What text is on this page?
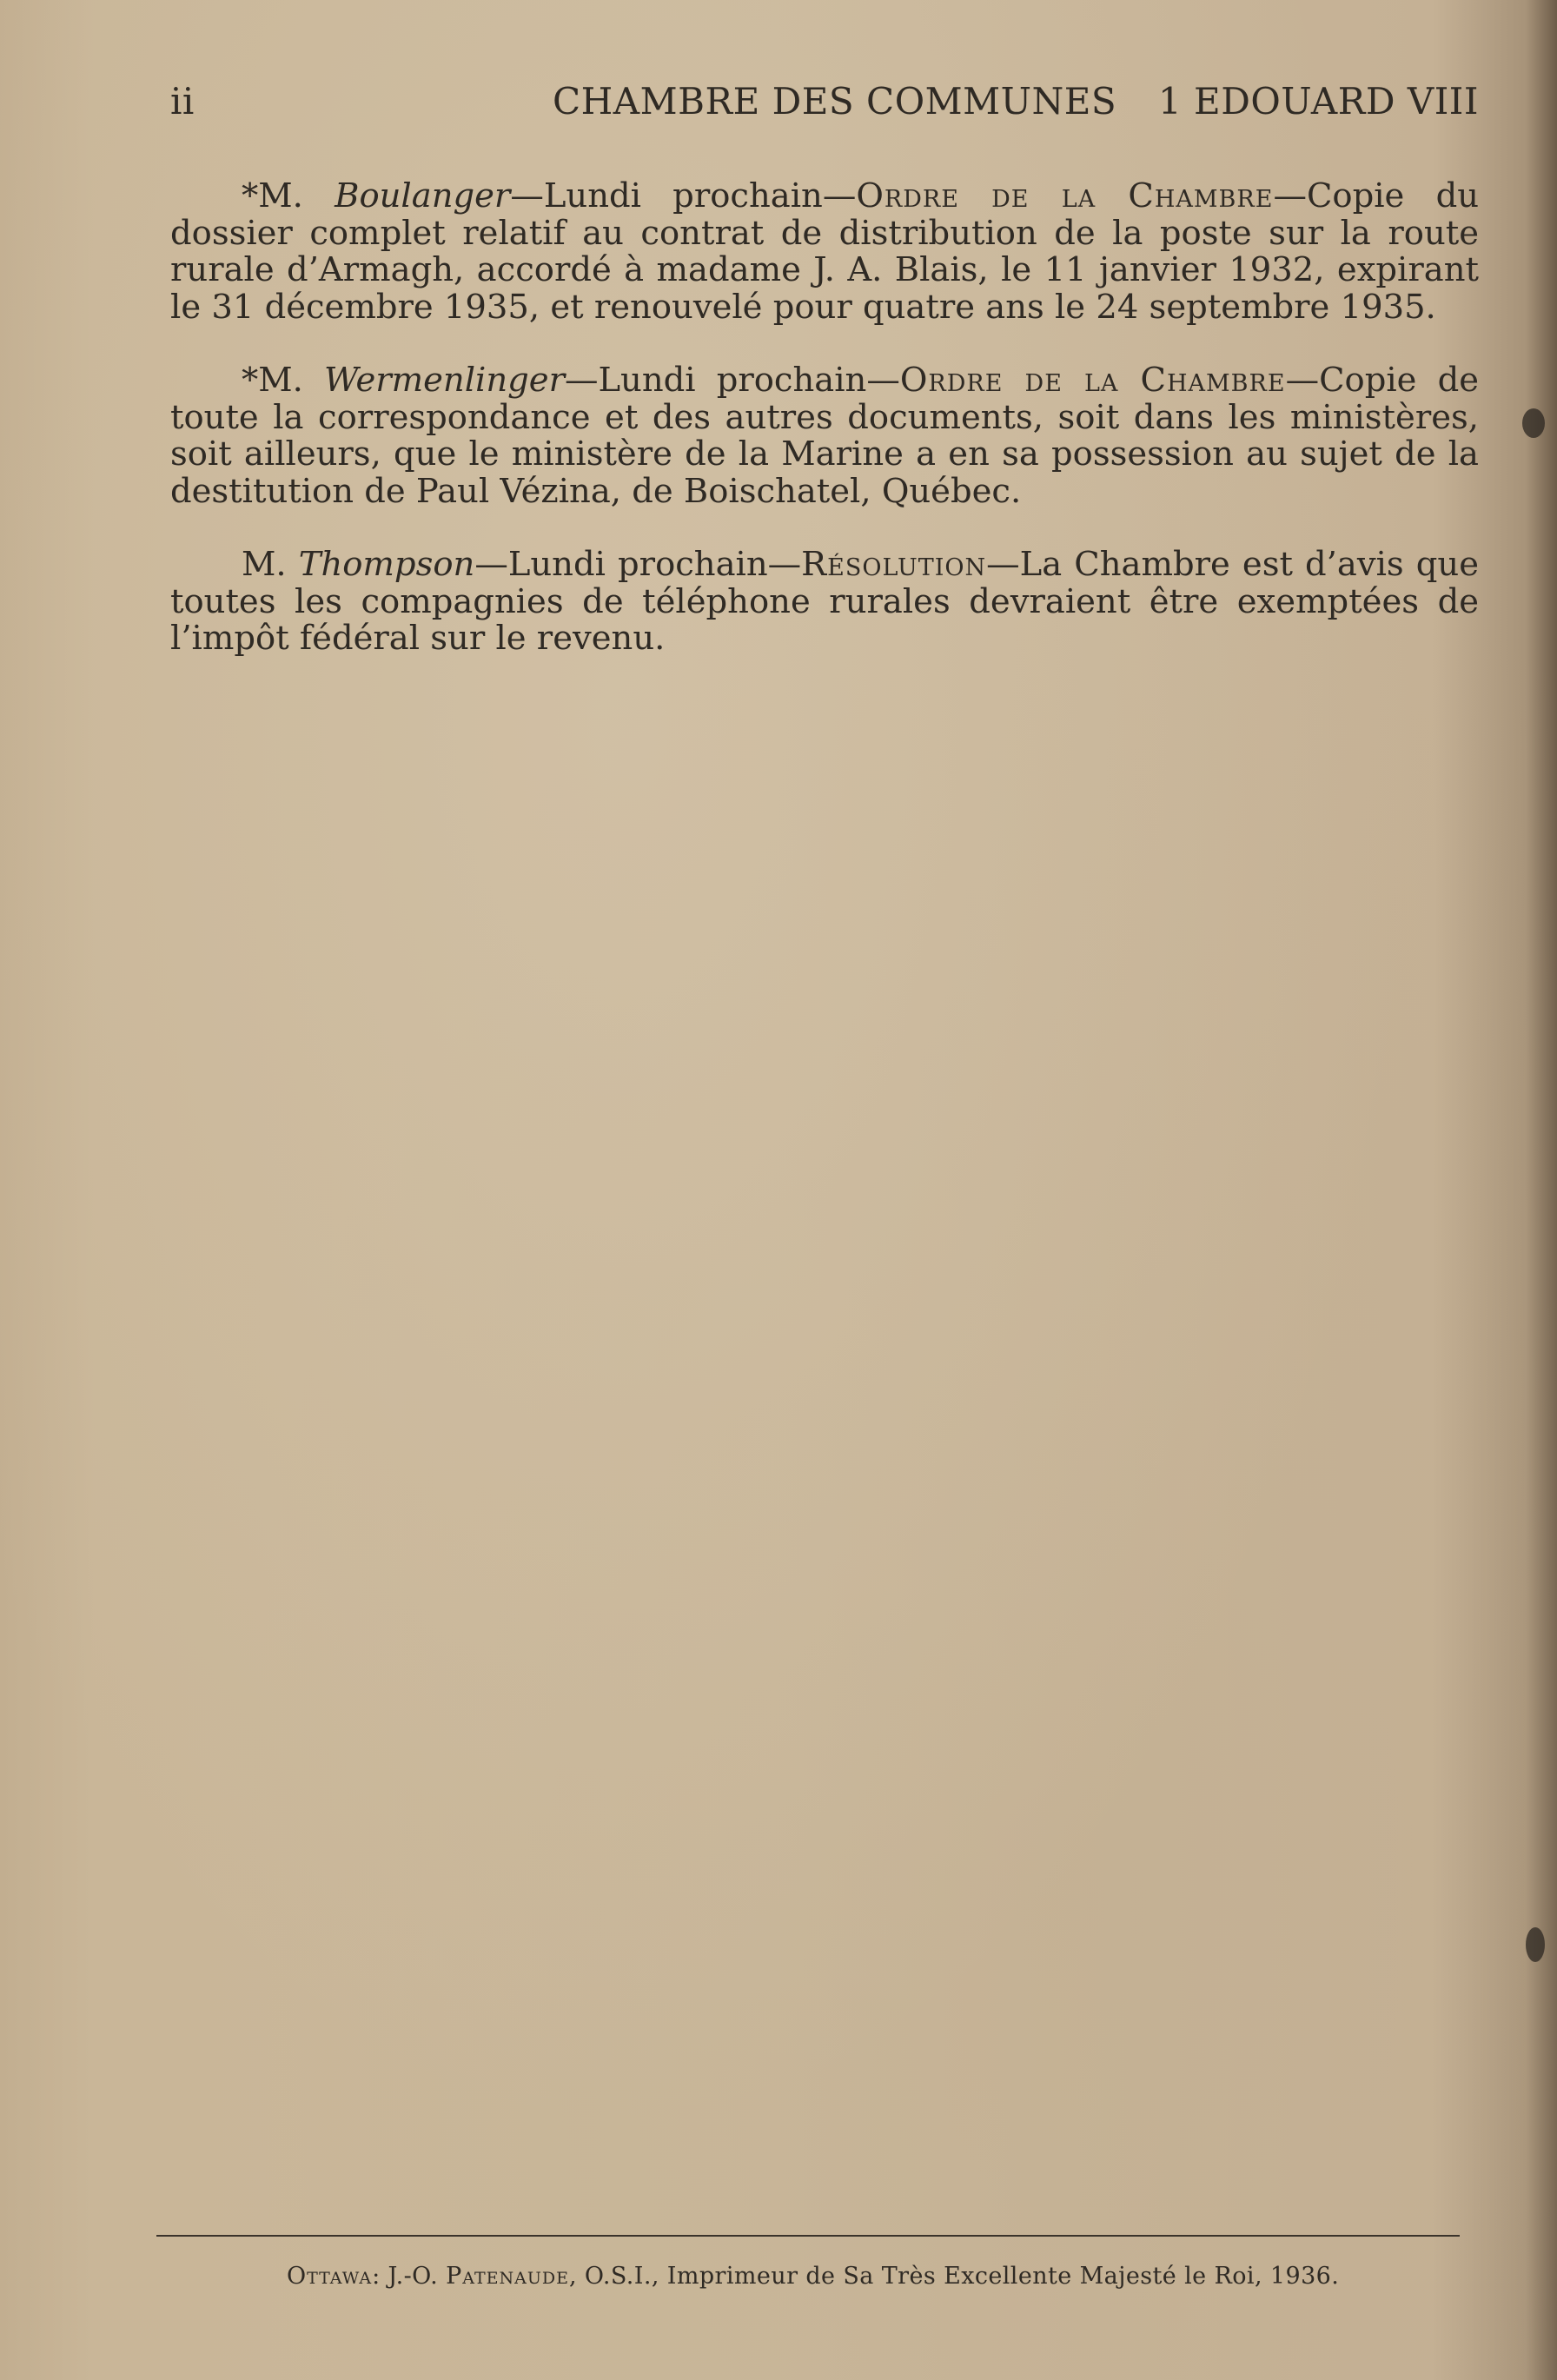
ii	CHAMBRE DES COMMUNES 1 EDOUARD VIII

*M. Boulanger—Lundi prochain—Ordre de la Chambre—Copie du dossier complet relatif au contrat de distribution de la poste sur la route rurale d’Armagh, accordé à madame J. A. Blais, le 11 janvier 1932, expirant le 31 décembre 1935, et renouvelé pour quatre ans le 24 septembre 1935.

*M. Wermenlinger—Lundi prochain—Ordre de la Chambre—Copie de toute la correspondance et des autres documents, soit dans les ministères, soit ailleurs, que le ministère de la Marine a en sa possession au sujet de la destitution de Paul Vézina, de Boischatel, Québec.

M. Thompson—Lundi prochain—Résolution—La Chambre est d’avis que toutes les compagnies de téléphone rurales devraient être exemptées de l’impôt fédéral sur le revenu.

Ottawa: J.-O. Patenaude, O.S.I., Imprimeur de Sa Très Excellente Majesté le Roi, 1936.
